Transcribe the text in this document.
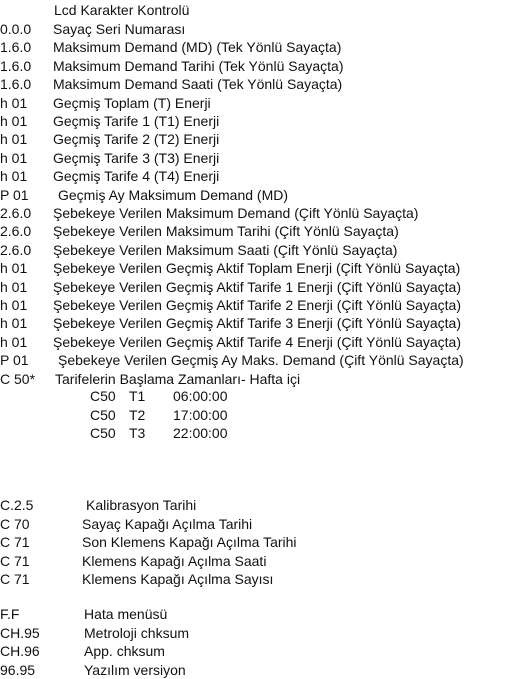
Lcd Karakter Kontrolü
0.0.0 Sayaç Seri Numarası
1.6.0 Maksimum Demand (MD) (Tek Yönlü Sayaçta)
1.6.0 Maksimum Demand Tarihi (Tek Yönlü Sayaçta)
1.6.0 Maksimum Demand Saati (Tek Yönlü Sayaçta)
h 01 Geçmiş Toplam (T) Enerji
h 01 Geçmiş Tarife 1 (T1) Enerji
h 01 Geçmiş Tarife 2 (T2) Enerji
h 01 Geçmiş Tarife 3 (T3) Enerji
h 01 Geçmiş Tarife 4 (T4) Enerji
P 01 Geçmiş Ay Maksimum Demand (MD)
2.6.0 Şebekeye Verilen Maksimum Demand (Çift Yönlü Sayaçta)
2.6.0 Şebekeye Verilen Maksimum Tarihi (Çift Yönlü Sayaçta)
2.6.0 Şebekeye Verilen Maksimum Saati (Çift Yönlü Sayaçta)
h 01 Şebekeye Verilen Geçmiş Aktif Toplam Enerji (Çift Yönlü Sayaçta)
h 01 Şebekeye Verilen Geçmiş Aktif Tarife 1 Enerji (Çift Yönlü Sayaçta)
h 01 Şebekeye Verilen Geçmiş Aktif Tarife 2 Enerji (Çift Yönlü Sayaçta)
h 01 Şebekeye Verilen Geçmiş Aktif Tarife 3 Enerji (Çift Yönlü Sayaçta)
h 01 Şebekeye Verilen Geçmiş Aktif Tarife 4 Enerji (Çift Yönlü Sayaçta)
P 01 Şebekeye Verilen Geçmiş Ay Maks. Demand (Çift Yönlü Sayaçta)
C 50* Tarifelerin Başlama Zamanları- Hafta içi
C50 T1 06:00:00
C50 T2 17:00:00
C50 T3 22:00:00
C.2.5	Kalibrasyon Tarihi
C 70	Sayaç Kapağı Açılma Tarihi
C 71	Son Klemens Kapağı Açılma Tarihi
C 71	Klemens Kapağı Açılma Saati
C 71	Klemens Kapağı Açılma Sayısı
F.F	Hata menüsü
CH.95	Metroloji chksum
CH.96	App. chksum
96.95	Yazılım versiyon
